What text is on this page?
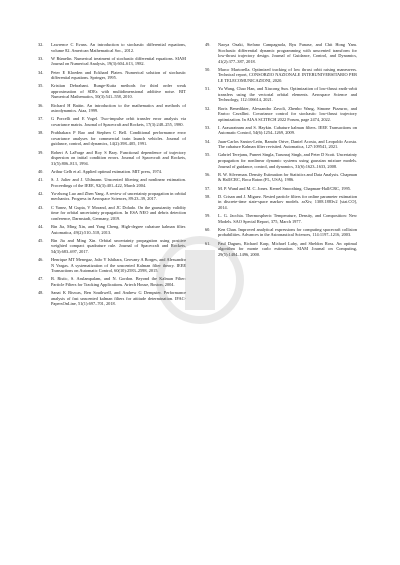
32. Lawrence C Evans. An introduction to stochastic differential equations, volume 82. American Mathematical Soc., 2012.
33. W Rümelin. Numerical treatment of stochastic differential equations. SIAM Journal on Numerical Analysis, 19(3):604–613, 1982.
34. Peter E Kloeden and Eckhard Platen. Numerical solution of stochastic differential equations. Springer, 1995.
35. Kristian Debrabant. Runge-Kutta methods for third order weak approximation of SDEs with multidimensional additive noise. BIT Numerical Mathematics, 50(3):541–558, 2010.
36. Richard H Battin. An introduction to the mathematics and methods of astrodynamics. Aiaa, 1999.
37. G Porcelli and E Vogel. Two-impulse orbit transfer error analysis via covariance matrix. Journal of Spacecraft and Rockets, 17(3):248–255, 1980.
38. Prabhakara P Rao and Stephen C Bell. Conditional performance error covariance analyses for commercial train launch vehicles. Journal of guidance, control, and dynamics, 14(2):398–405, 1991.
39. Robert A LaFarge and Roy S Bary. Functional dependence of trajectory dispersion on initial condition errors. Journal of Spacecraft and Rockets, 31(5):806–813, 1994.
40. Arthur Gelb et al. Applied optimal estimation. MIT press, 1974.
41. S. J. Julier and J. Uhlmann. Unscented filtering and nonlinear estimation. Proceedings of the IEEE, 92(3):401–422, March 2004.
42. Yu-zhong Luo and Zhen Yang. A review of uncertainty propagation in orbital mechanics. Progress in Aerospace Sciences, 89:23–39, 2017.
43. C Yanez, M Gupta, V Morand, and JC Dolado. On the gaussianity validity time for orbital uncertainty propagation. In ESA NEO and debris detection conference, Darmstadt, Germany, 2019.
44. Bin Jia, Ming Xin, and Yang Cheng. High-degree cubature kalman filter. Automatica, 49(2):510–518, 2013.
45. Bin Jia and Ming Xin. Orbital uncertainty propagation using positive weighted compact quadrature rule. Journal of Spacecraft and Rockets, 54(3):683–697, 2017.
46. Henrique MT Menegaz, João Y Ishihara, Geovany A Borges, and Alessandro N Vargas. A systematization of the unscented Kalman filter theory. IEEE Transactions on Automatic Control, 60(10):2583–2598, 2015.
47. B. Ristic, S. Arulampalam, and N. Gordon. Beyond the Kalman Filter: Particle Filters for Tracking Applications. Artech House, Boston, 2004.
48. Sanat K Biswas, Ben Southwell, and Andrew G Dempster. Performance analysis of fast unscented kalman filters for attitude determination. IFAC-PapersOnLine, 51(1):697–701, 2018.
49. Naoya Ozaki, Stefano Campagnola, Ryu Funase, and Chit Hong Yam. Stochastic differential dynamic programming with unscented transform for low-thrust trajectory design. Journal of Guidance, Control, and Dynamics, 41(2):377–387, 2018.
50. Marco Martorella. Optimized tracking of low thrust orbit raising maneuvers. Technical report, CONSORZIO NAZIONALE INTERUNIVERSITARIO PER LE TELECOMUNICAZIONI, 2020.
51. Yu Wang, Chao Han, and Xiucong Sun. Optimization of low-thrust earth-orbit transfers using the vectorial orbital elements. Aerospace Science and Technology, 112:106614, 2021.
52. Boris Benedikter, Alessandro Zavoli, Zhenbo Wang, Simone Pizzurro, and Enrico Cavallini. Covariance control for stochastic low-thrust trajectory optimization. In AIAA SCITECH 2022 Forum, page 2474, 2022.
53. I. Arasaratnam and S. Haykin. Cubature kalman filters. IEEE Transactions on Automatic Control, 54(6):1254–1269, 2009.
54. Juan-Carlos Santos-León, Ramón Orive, Daniel Acosta, and Leopoldo Acosta. The cubature Kalman filter revisited. Automatica, 127:109541, 2021.
55. Gabriel Terejanu, Puneet Singla, Tarunraj Singh, and Peter D Scott. Uncertainty propagation for nonlinear dynamic systems using gaussian mixture models. Journal of guidance, control, and dynamics, 31(6):1623–1633, 2008.
56. B. W. Silverman. Density Estimation for Statistics and Data Analysis. Chapman & Hall/CRC, Boca Raton (FL, USA), 1986.
57. M. P. Wand and M. C. Jones. Kernel Smoothing. Chapman-Hall/CRC, 1995.
58. D. Crisan and J. Miguez. Nested particle filters for online parameter estimation in discrete-time state-space markov models. arXiv, 1308.1883v2 [stat.CO], 2014.
59. L. G. Jacchia. Thermospheric Temperature, Density, and Composition: New Models. SAO Special Report, 375, March 1977.
60. Ken Chan. Improved analytical expressions for computing spacecraft collision probabilities. Advances in the Astronautical Sciences, 114:1197–1216, 2003.
61. Paul Dagum, Richard Karp, Michael Luby, and Sheldon Ross. An optimal algorithm for monte carlo estimation. SIAM Journal on Computing, 29(5):1484–1496, 2000.
